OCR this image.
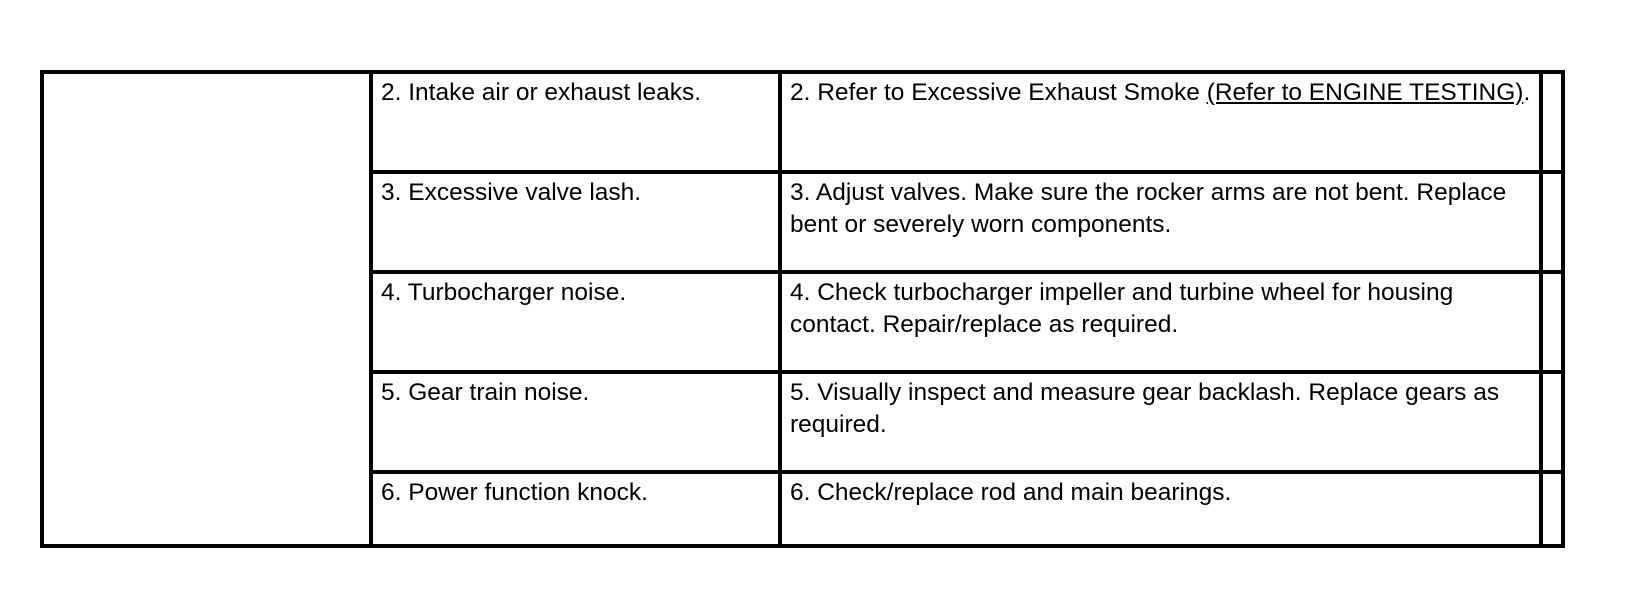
2. Intake air or exhaust leaks.	2. Refer to Excessive Exhaust Smoke (Refer to ENGINE TESTING).
3. Excessive valve lash.	3. Adjust valves. Make sure the rocker arms are not bent. Replace bent or severely worn components.
4. Turbocharger noise.	4. Check turbocharger impeller and turbine wheel for housing contact. Repair/replace as required.
5. Gear train noise.	5. Visually inspect and measure gear backlash. Replace gears as required.
6. Power function knock.	6. Check/replace rod and main bearings.
